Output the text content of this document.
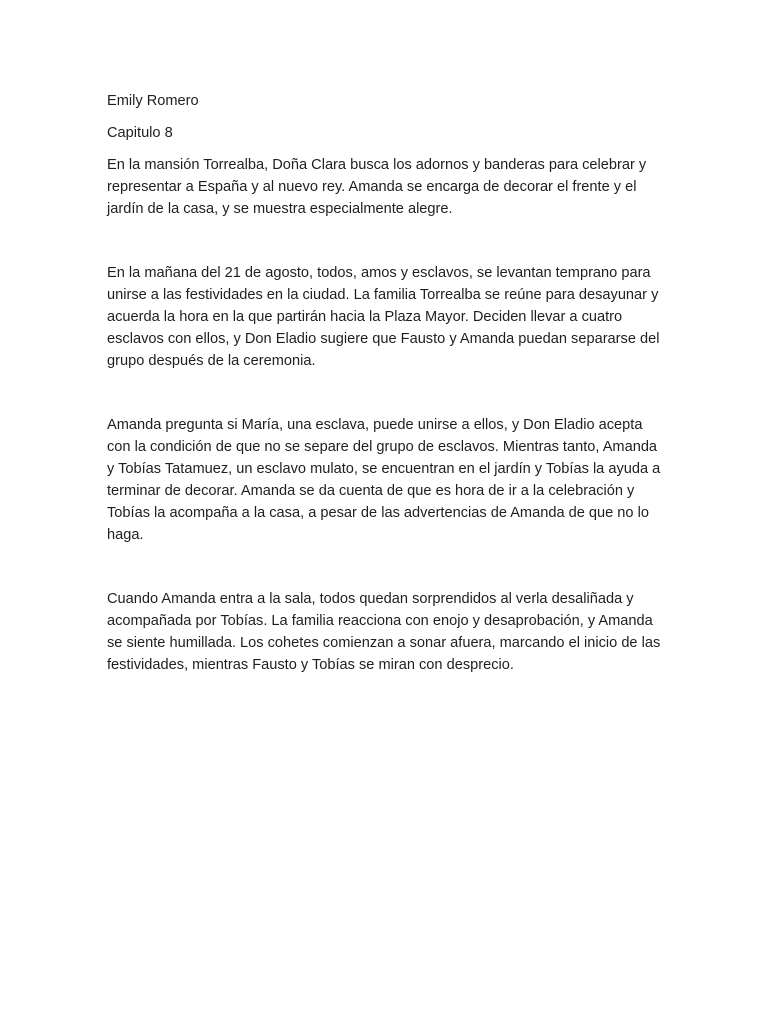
Emily Romero

Capitulo 8

En la mansión Torrealba, Doña Clara busca los adornos y banderas para celebrar y representar a España y al nuevo rey. Amanda se encarga de decorar el frente y el jardín de la casa, y se muestra especialmente alegre.

En la mañana del 21 de agosto, todos, amos y esclavos, se levantan temprano para unirse a las festividades en la ciudad. La familia Torrealba se reúne para desayunar y acuerda la hora en la que partirán hacia la Plaza Mayor. Deciden llevar a cuatro esclavos con ellos, y Don Eladio sugiere que Fausto y Amanda puedan separarse del grupo después de la ceremonia.

Amanda pregunta si María, una esclava, puede unirse a ellos, y Don Eladio acepta con la condición de que no se separe del grupo de esclavos. Mientras tanto, Amanda y Tobías Tatamuez, un esclavo mulato, se encuentran en el jardín y Tobías la ayuda a terminar de decorar. Amanda se da cuenta de que es hora de ir a la celebración y Tobías la acompaña a la casa, a pesar de las advertencias de Amanda de que no lo haga.

Cuando Amanda entra a la sala, todos quedan sorprendidos al verla desaliñada y acompañada por Tobías. La familia reacciona con enojo y desaprobación, y Amanda se siente humillada. Los cohetes comienzan a sonar afuera, marcando el inicio de las festividades, mientras Fausto y Tobías se miran con desprecio.
